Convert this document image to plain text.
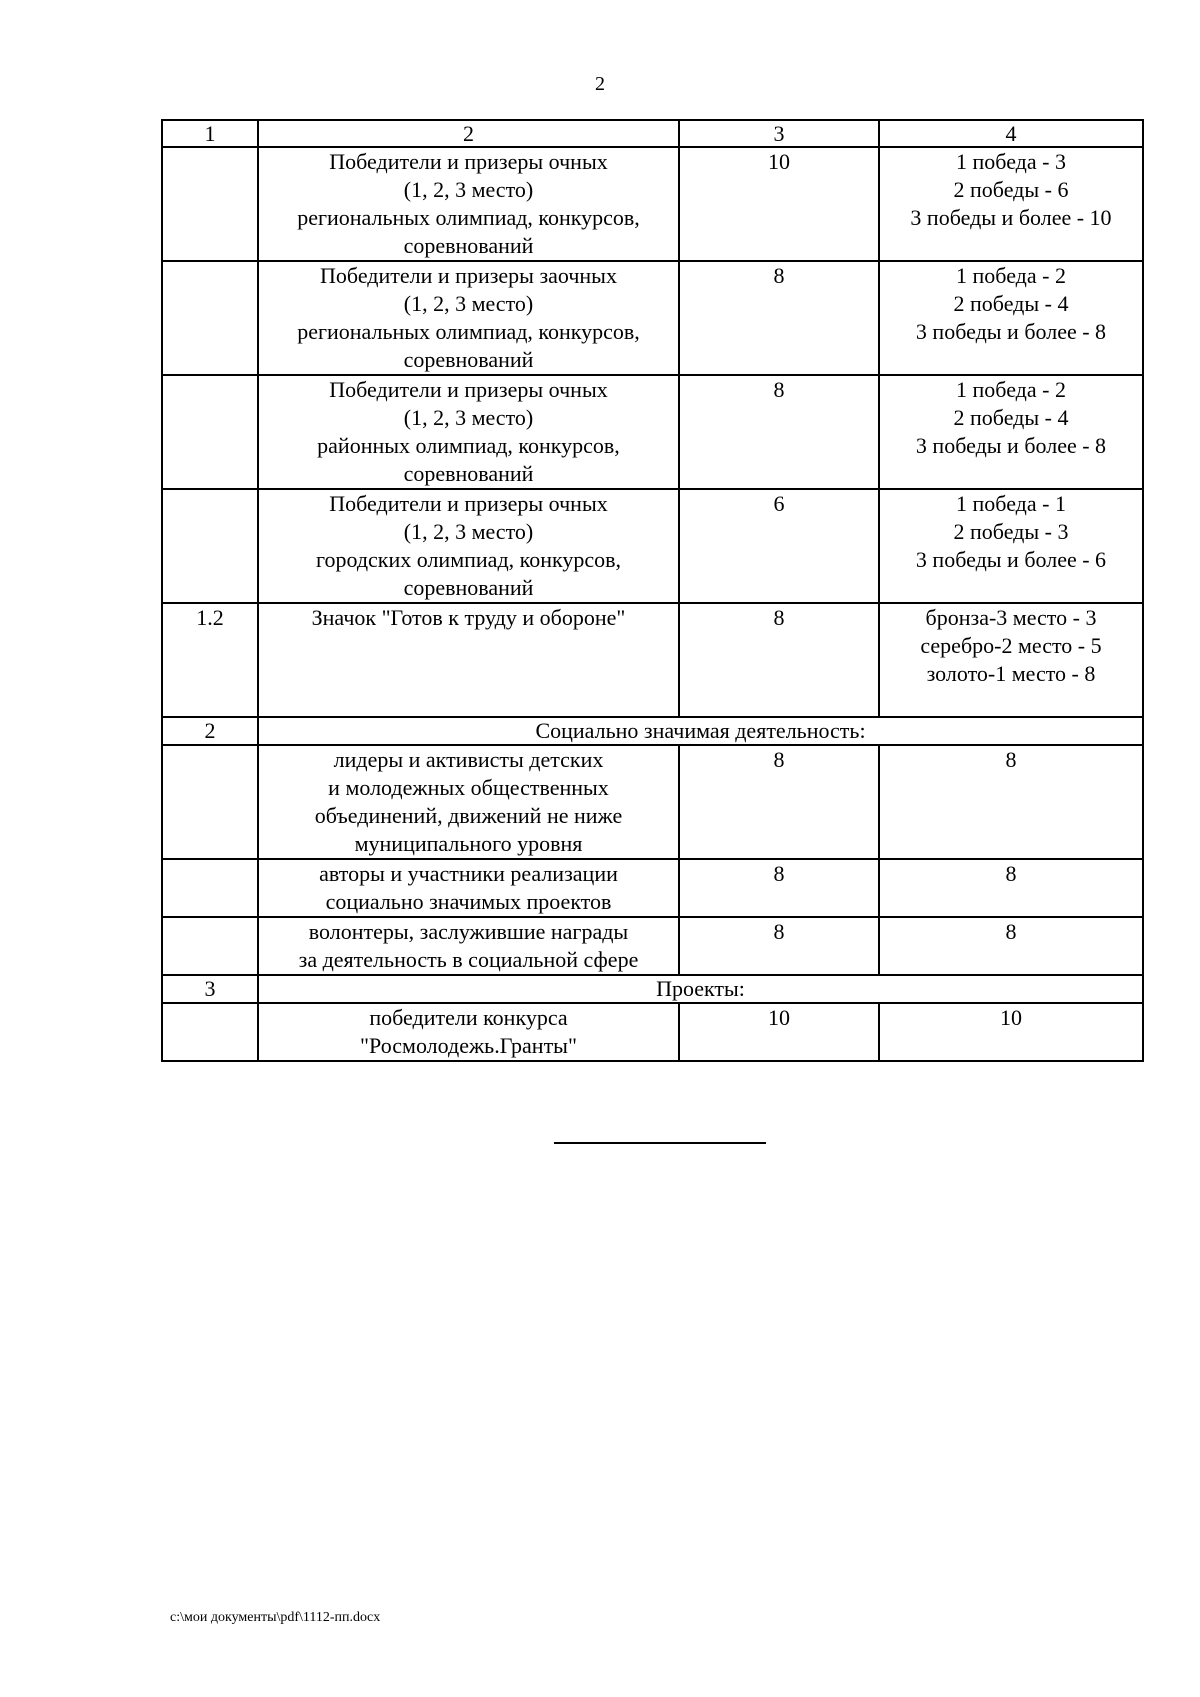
2
1	2	3	4
	Победители и призеры очных
(1, 2, 3 место)
региональных олимпиад, конкурсов,
соревнований	10	1 победа - 3
2 победы - 6
3 победы и более - 10
	Победители и призеры заочных
(1, 2, 3 место)
региональных олимпиад, конкурсов,
соревнований	8	1 победа - 2
2 победы - 4
3 победы и более - 8
	Победители и призеры очных
(1, 2, 3 место)
районных олимпиад, конкурсов,
соревнований	8	1 победа - 2
2 победы - 4
3 победы и более - 8
	Победители и призеры очных
(1, 2, 3 место)
городских олимпиад, конкурсов,
соревнований	6	1 победа - 1
2 победы - 3
3 победы и более - 6
1.2	Значок "Готов к труду и обороне"	8	бронза-3 место - 3
серебро-2 место - 5
золото-1 место - 8
2	Социально значимая деятельность:		
	лидеры и активисты детских
и молодежных общественных
объединений, движений не ниже
муниципального уровня	8	8
	авторы и участники реализации
социально значимых проектов	8	8
	волонтеры, заслужившие награды
за деятельность в социальной сфере	8	8
3	Проекты:		
	победители конкурса
"Росмолодежь.Гранты"	10	10
c:\мои документы\pdf\1112-пп.docx
